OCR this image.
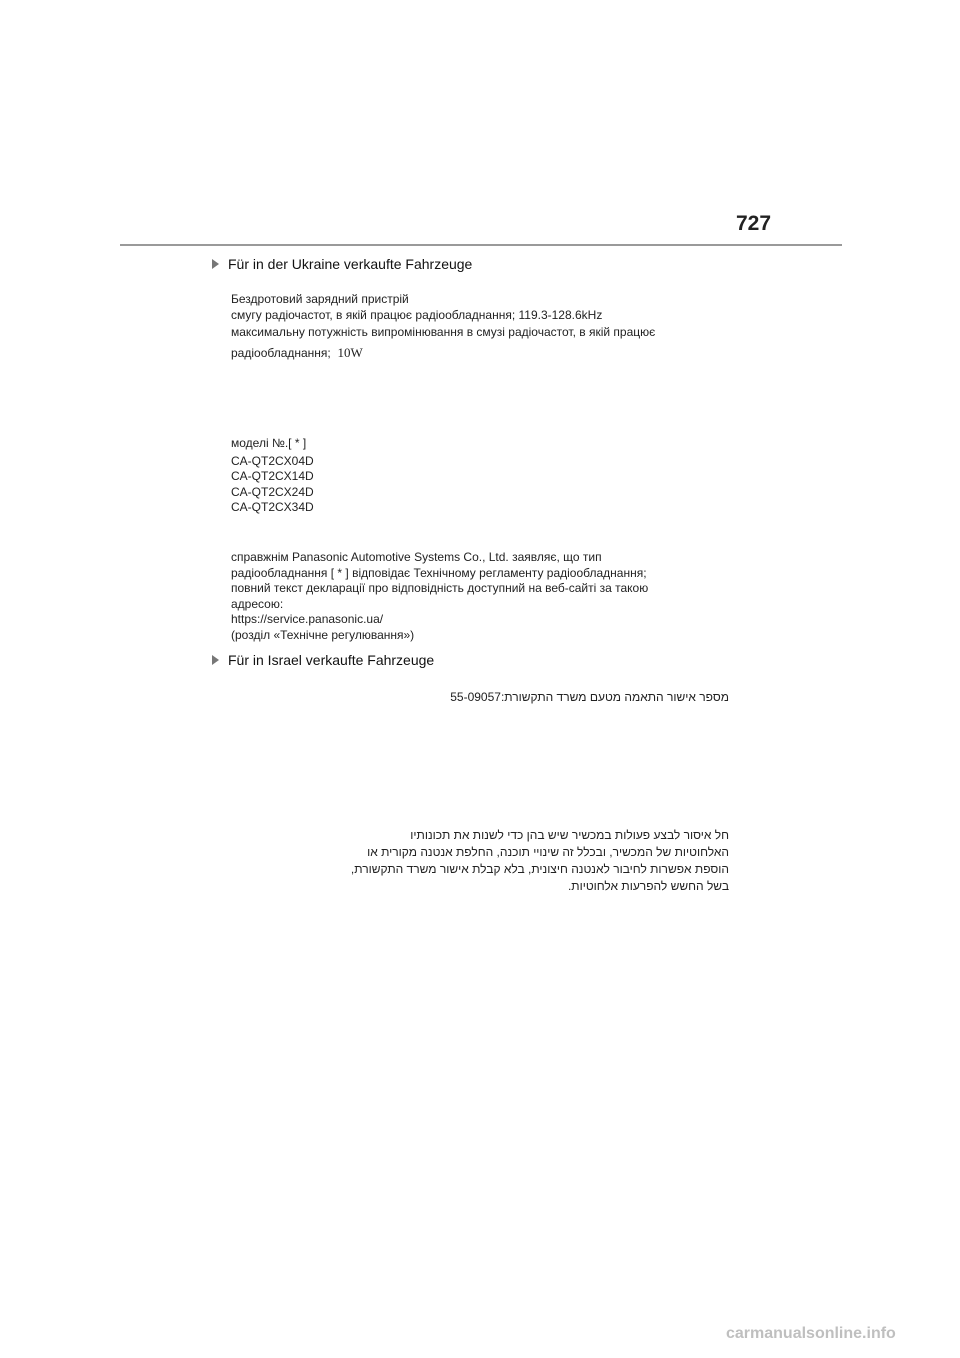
727
Für in der Ukraine verkaufte Fahrzeuge
Бездротовий зарядний пристрій
смугу радіочастот, в якій працює радіообладнання; 119.3-128.6kHz
максимальну потужність випромінювання в смузі радіочастот, в якій працює
радіообладнання; 10W
моделі №.[ * ]
CA-QT2CX04D
CA-QT2CX14D
CA-QT2CX24D
CA-QT2CX34D
справжнім Panasonic Automotive Systems Co., Ltd. заявляє, що тип
радіообладнання [ * ] відповідає Технічному регламенту радіообладнання;
повний текст декларації про відповідність доступний на веб-сайті за такою
адресою:
https://service.panasonic.ua/
(розділ «Технічне регулювання»)
Für in Israel verkaufte Fahrzeuge
מספר אישור התאמה מטעם משרד התקשורת:55-09057
חל איסור לבצע פעולות במכשיר שיש בהן כדי לשנות את תכונותיו
האלחוטיות של המכשיר, ובכלל זה שינויי תוכנה, החלפת אנטנה מקורית או
הוספת אפשרות לחיבור לאנטנה חיצונית, בלא קבלת אישור משרד התקשורת,
בשל החשש להפרעות אלחוטיות.
carmanualsonline.info
